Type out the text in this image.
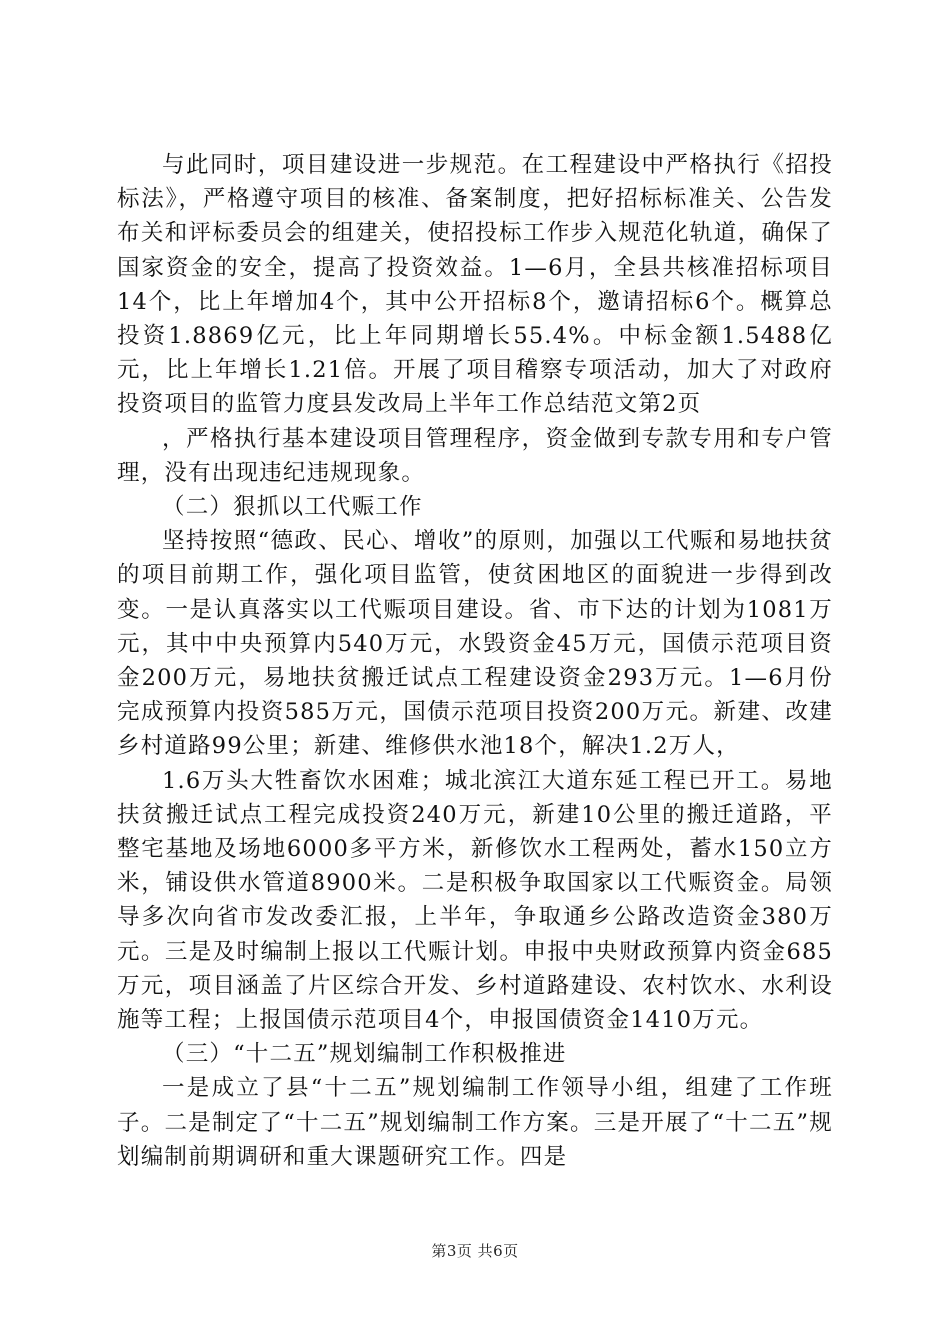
与此同时，项目建设进一步规范。在工程建设中严格执行《招投标法》，严格遵守项目的核准、备案制度，把好招标标准关、公告发布关和评标委员会的组建关，使招投标工作步入规范化轨道，确保了国家资金的安全，提高了投资效益。1—6月，全县共核准招标项目14个，比上年增加4个，其中公开招标8个，邀请招标6个。概算总投资1.8869亿元，比上年同期增长55.4%。中标金额1.5488亿元，比上年增长1.21倍。开展了项目稽察专项活动，加大了对政府投资项目的监管力度县发改局上半年工作总结范文第2页

，严格执行基本建设项目管理程序，资金做到专款专用和专户管理，没有出现违纪违规现象。

（二）狠抓以工代赈工作

坚持按照“德政、民心、增收”的原则，加强以工代赈和易地扶贫的项目前期工作，强化项目监管，使贫困地区的面貌进一步得到改变。一是认真落实以工代赈项目建设。省、市下达的计划为1081万元，其中中央预算内540万元，水毁资金45万元，国债示范项目资金200万元，易地扶贫搬迁试点工程建设资金293万元。1—6月份完成预算内投资585万元，国债示范项目投资200万元。新建、改建乡村道路99公里；新建、维修供水池18个，解决1.2万人，

1.6万头大牲畜饮水困难；城北滨江大道东延工程已开工。易地扶贫搬迁试点工程完成投资240万元，新建10公里的搬迁道路，平整宅基地及场地6000多平方米，新修饮水工程两处，蓄水150立方米，铺设供水管道8900米。二是积极争取国家以工代赈资金。局领导多次向省市发改委汇报，上半年，争取通乡公路改造资金380万元。三是及时编制上报以工代赈计划。申报中央财政预算内资金685万元，项目涵盖了片区综合开发、乡村道路建设、农村饮水、水利设施等工程；上报国债示范项目4个，申报国债资金1410万元。

（三）“十二五”规划编制工作积极推进

一是成立了县“十二五”规划编制工作领导小组，组建了工作班子。二是制定了“十二五”规划编制工作方案。三是开展了“十二五”规划编制前期调研和重大课题研究工作。四是

第3页 共6页
